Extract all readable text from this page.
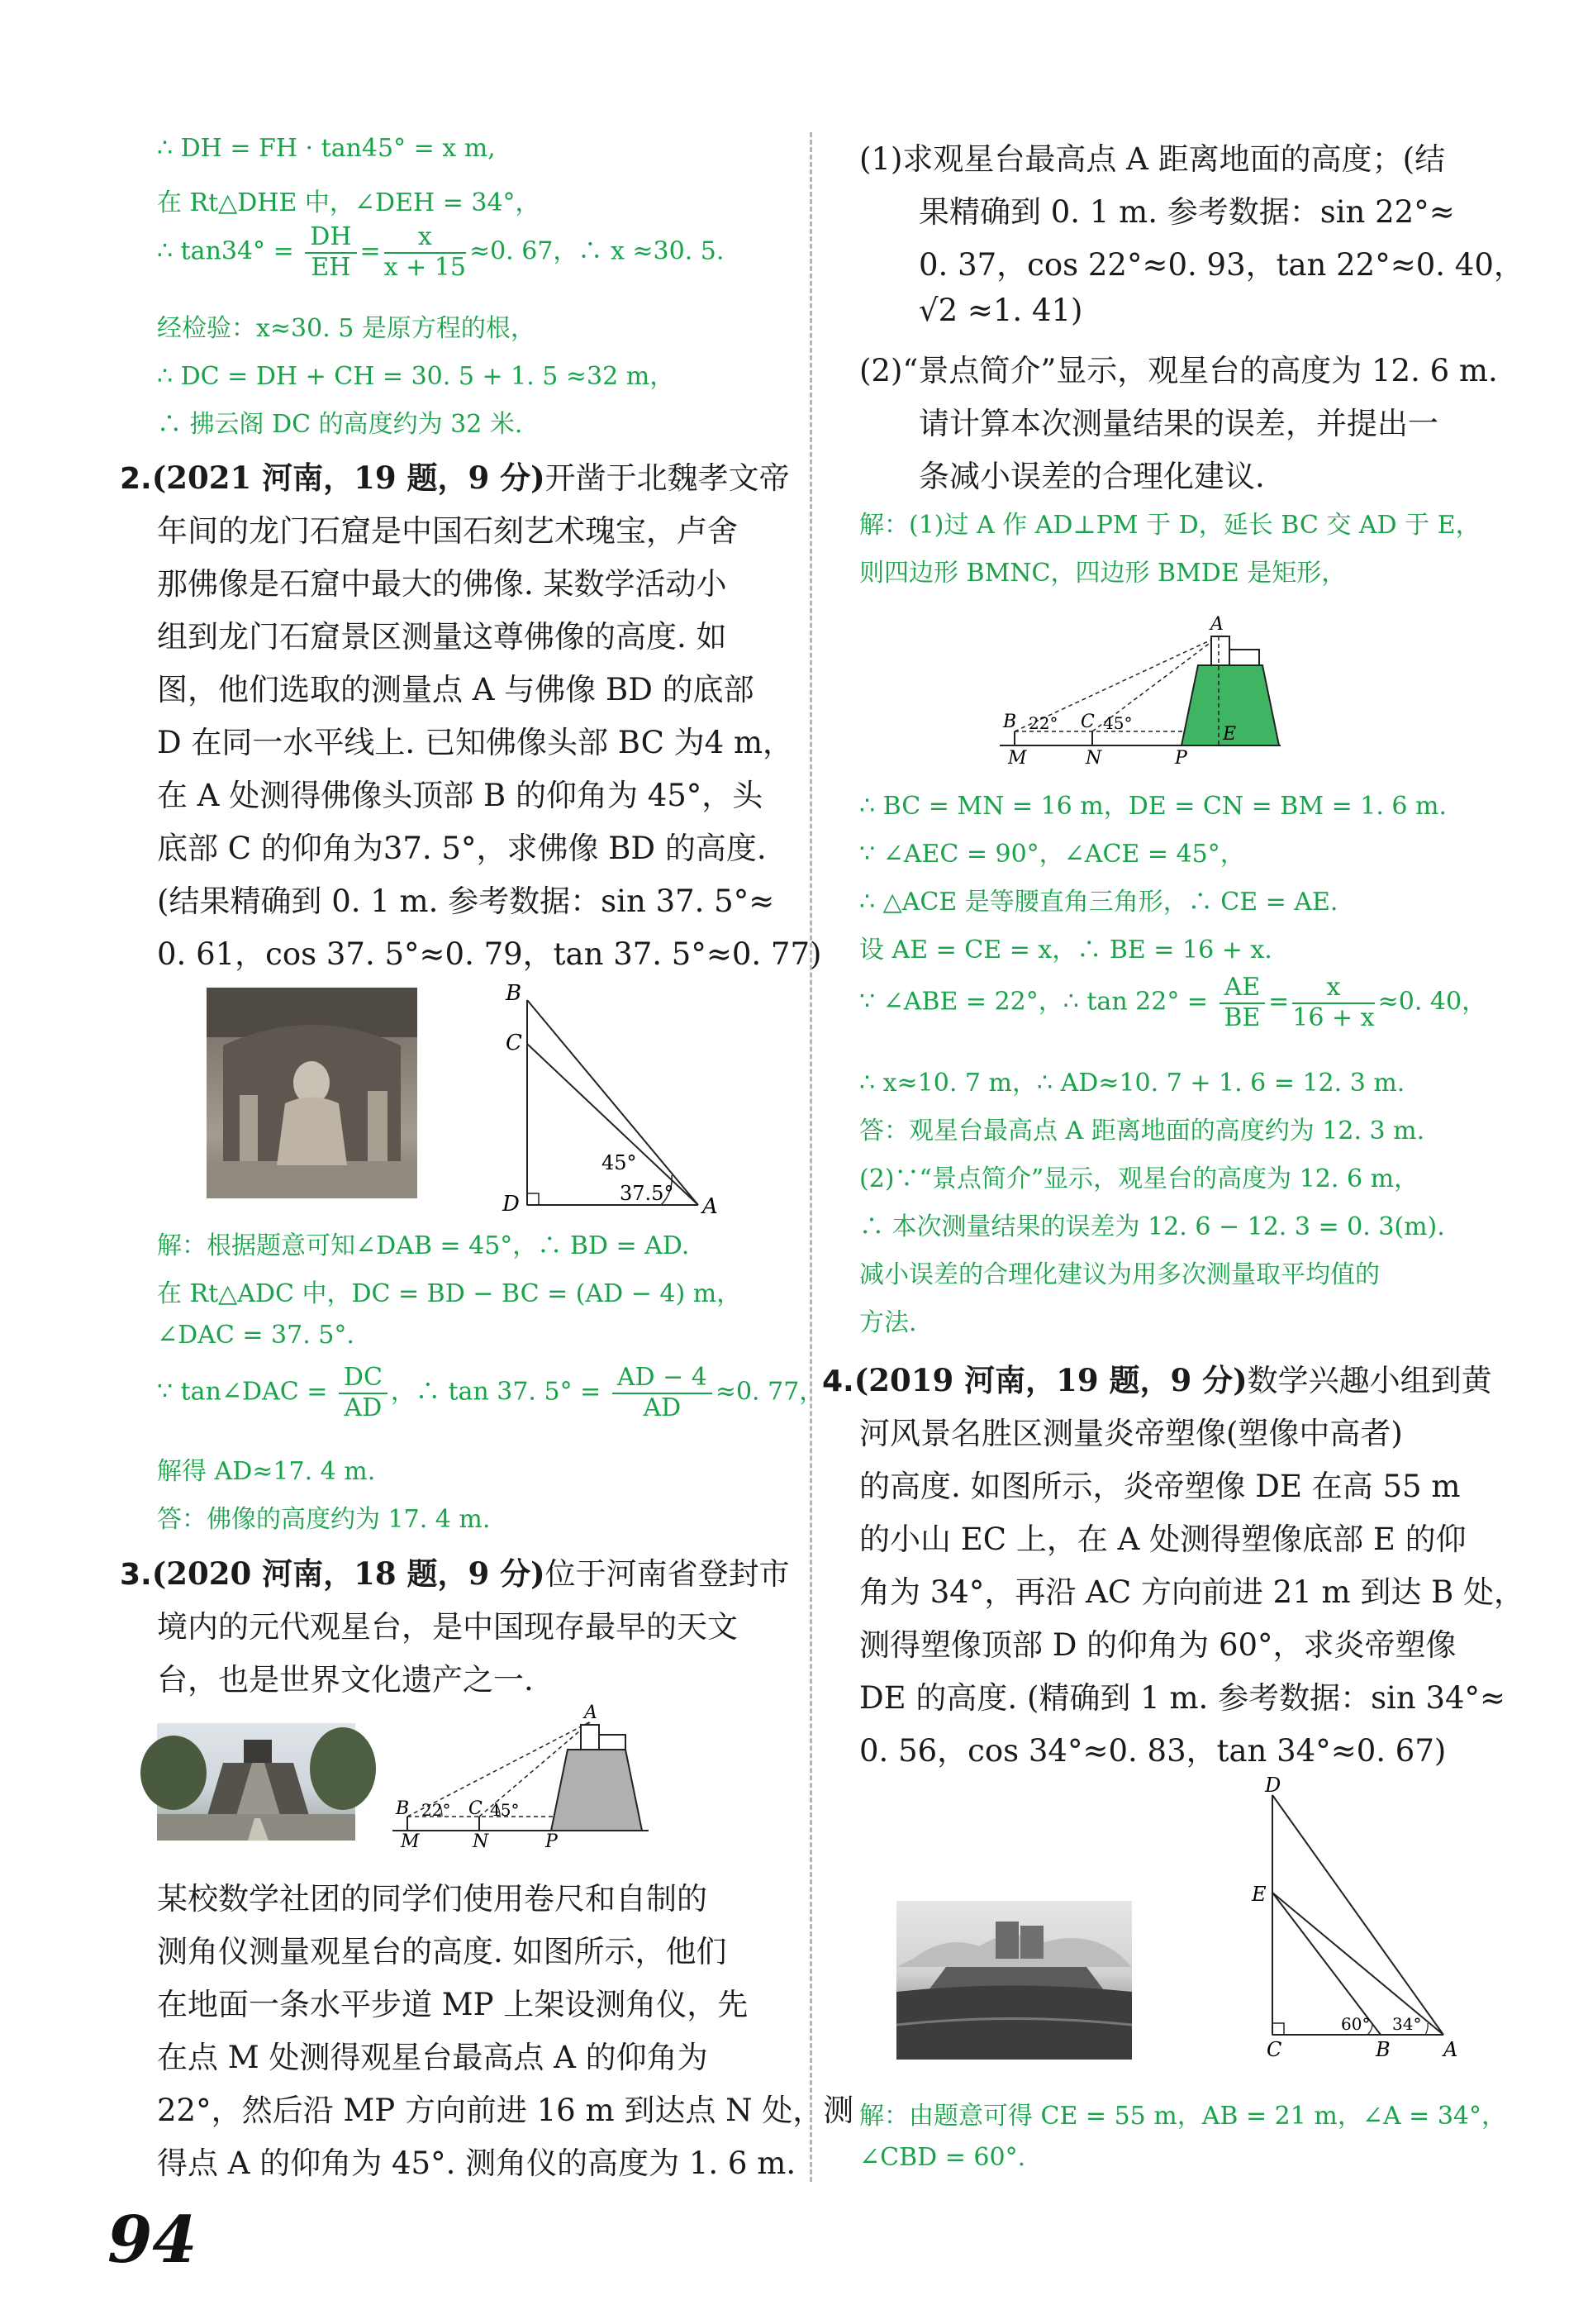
∴ DH = FH · tan45° = x m,
在 Rt△DHE 中，∠DEH = 34°，
∴ $\tan 34^\circ = \frac{DH}{EH} = \frac{x}{x + 15} \approx 0$. 67，∴ x ≈30. 5.
经检验：x≈30. 5 是原方程的根，
∴ DC = DH + CH = 30. 5 + 1. 5 ≈32 m，
∴ 拂云阁 DC 的高度约为 32 米.
2.(2021 河南，19 题，9 分)开凿于北魏孝文帝
年间的龙门石窟是中国石刻艺术瑰宝，卢舍
那佛像是石窟中最大的佛像. 某数学活动小
组到龙门石窟景区测量这尊佛像的高度. 如
图，他们选取的测量点 A 与佛像 BD 的底部
D 在同一水平线上. 已知佛像头部 BC 为4 m，
在 A 处测得佛像头顶部 B 的仰角为 45°，头
底部 C 的仰角为37. 5°，求佛像 BD 的高度.
(结果精确到 0. 1 m. 参考数据：sin 37. 5°≈
0. 61，cos 37. 5°≈0. 79，tan 37. 5°≈0. 77)
B
C
D	A
45°
37.5°
解：根据题意可知∠DAB = 45°，∴ BD = AD.
在 Rt△ADC 中，DC = BD − BC = (AD − 4) m，
∠DAC = 37. 5°.
∵ tan∠DAC = $\frac{DC}{AD}$ ，∴ tan 37. $5^\circ = \frac{AD - 4}{AD} \approx 0$. 77，
解得 AD≈17. 4 m.
答：佛像的高度约为 17. 4 m.
3.(2020 河南，18 题，9 分)位于河南省登封市
境内的元代观星台，是中国现存最早的天文
台，也是世界文化遗产之一.
A
B	C
22° 45°
M	N	P
某校数学社团的同学们使用卷尺和自制的
测角仪测量观星台的高度. 如图所示，他们
在地面一条水平步道 MP 上架设测角仪，先
在点 M 处测得观星台最高点 A 的仰角为
22°，然后沿 MP 方向前进 16 m 到达点 N 处，测
得点 A 的仰角为 45°. 测角仪的高度为 1. 6 m.
(1)求观星台最高点 A 距离地面的高度；(结
果精确到 0. 1 m. 参考数据：sin 22°≈
0. 37，cos 22°≈0. 93，tan 22°≈0. 40，
√2 ≈1. 41)
(2)“景点简介”显示，观星台的高度为 12. 6 m.
请计算本次测量结果的误差，并提出一
条减小误差的合理化建议.
解：(1)过 A 作 AD⊥PM 于 D，延长 BC 交 AD 于 E，
则四边形 BMNC，四边形 BMDE 是矩形，
A
B	C
22°	45°
E
M	N	P
∴ BC = MN = 16 m，DE = CN = BM = 1. 6 m.
∵ ∠AEC = 90°，∠ACE = 45°，
∴ △ACE 是等腰直角三角形，∴ CE = AE.
设 AE = CE = x，∴ BE = 16 + x.
∵ ∠ABE = 22°，∴ $\tan 22^\circ = \frac{AE}{BE} = \frac{x}{16 + x} \approx 0$. 40，
∴ x≈10. 7 m，∴ AD≈10. 7 + 1. 6 = 12. 3 m.
答：观星台最高点 A 距离地面的高度约为 12. 3 m.
(2)∵“景点简介”显示，观星台的高度为 12. 6 m，
∴ 本次测量结果的误差为 12. 6 − 12. 3 = 0. 3(m).
减小误差的合理化建议为用多次测量取平均值的
方法.
4.(2019 河南，19 题，9 分)数学兴趣小组到黄
河风景名胜区测量炎帝塑像(塑像中高者)
的高度. 如图所示，炎帝塑像 DE 在高 55 m
的小山 EC 上，在 A 处测得塑像底部 E 的仰
角为 34°，再沿 AC 方向前进 21 m 到达 B 处，
测得塑像顶部 D 的仰角为 60°，求炎帝塑像
DE 的高度. (精确到 1 m. 参考数据：sin 34°≈
0. 56，cos 34°≈0. 83，tan 34°≈0. 67)
D
E
C	B	A
60° 34°
解：由题意可得 CE = 55 m，AB = 21 m，∠A = 34°，
∠CBD = 60°.
94
